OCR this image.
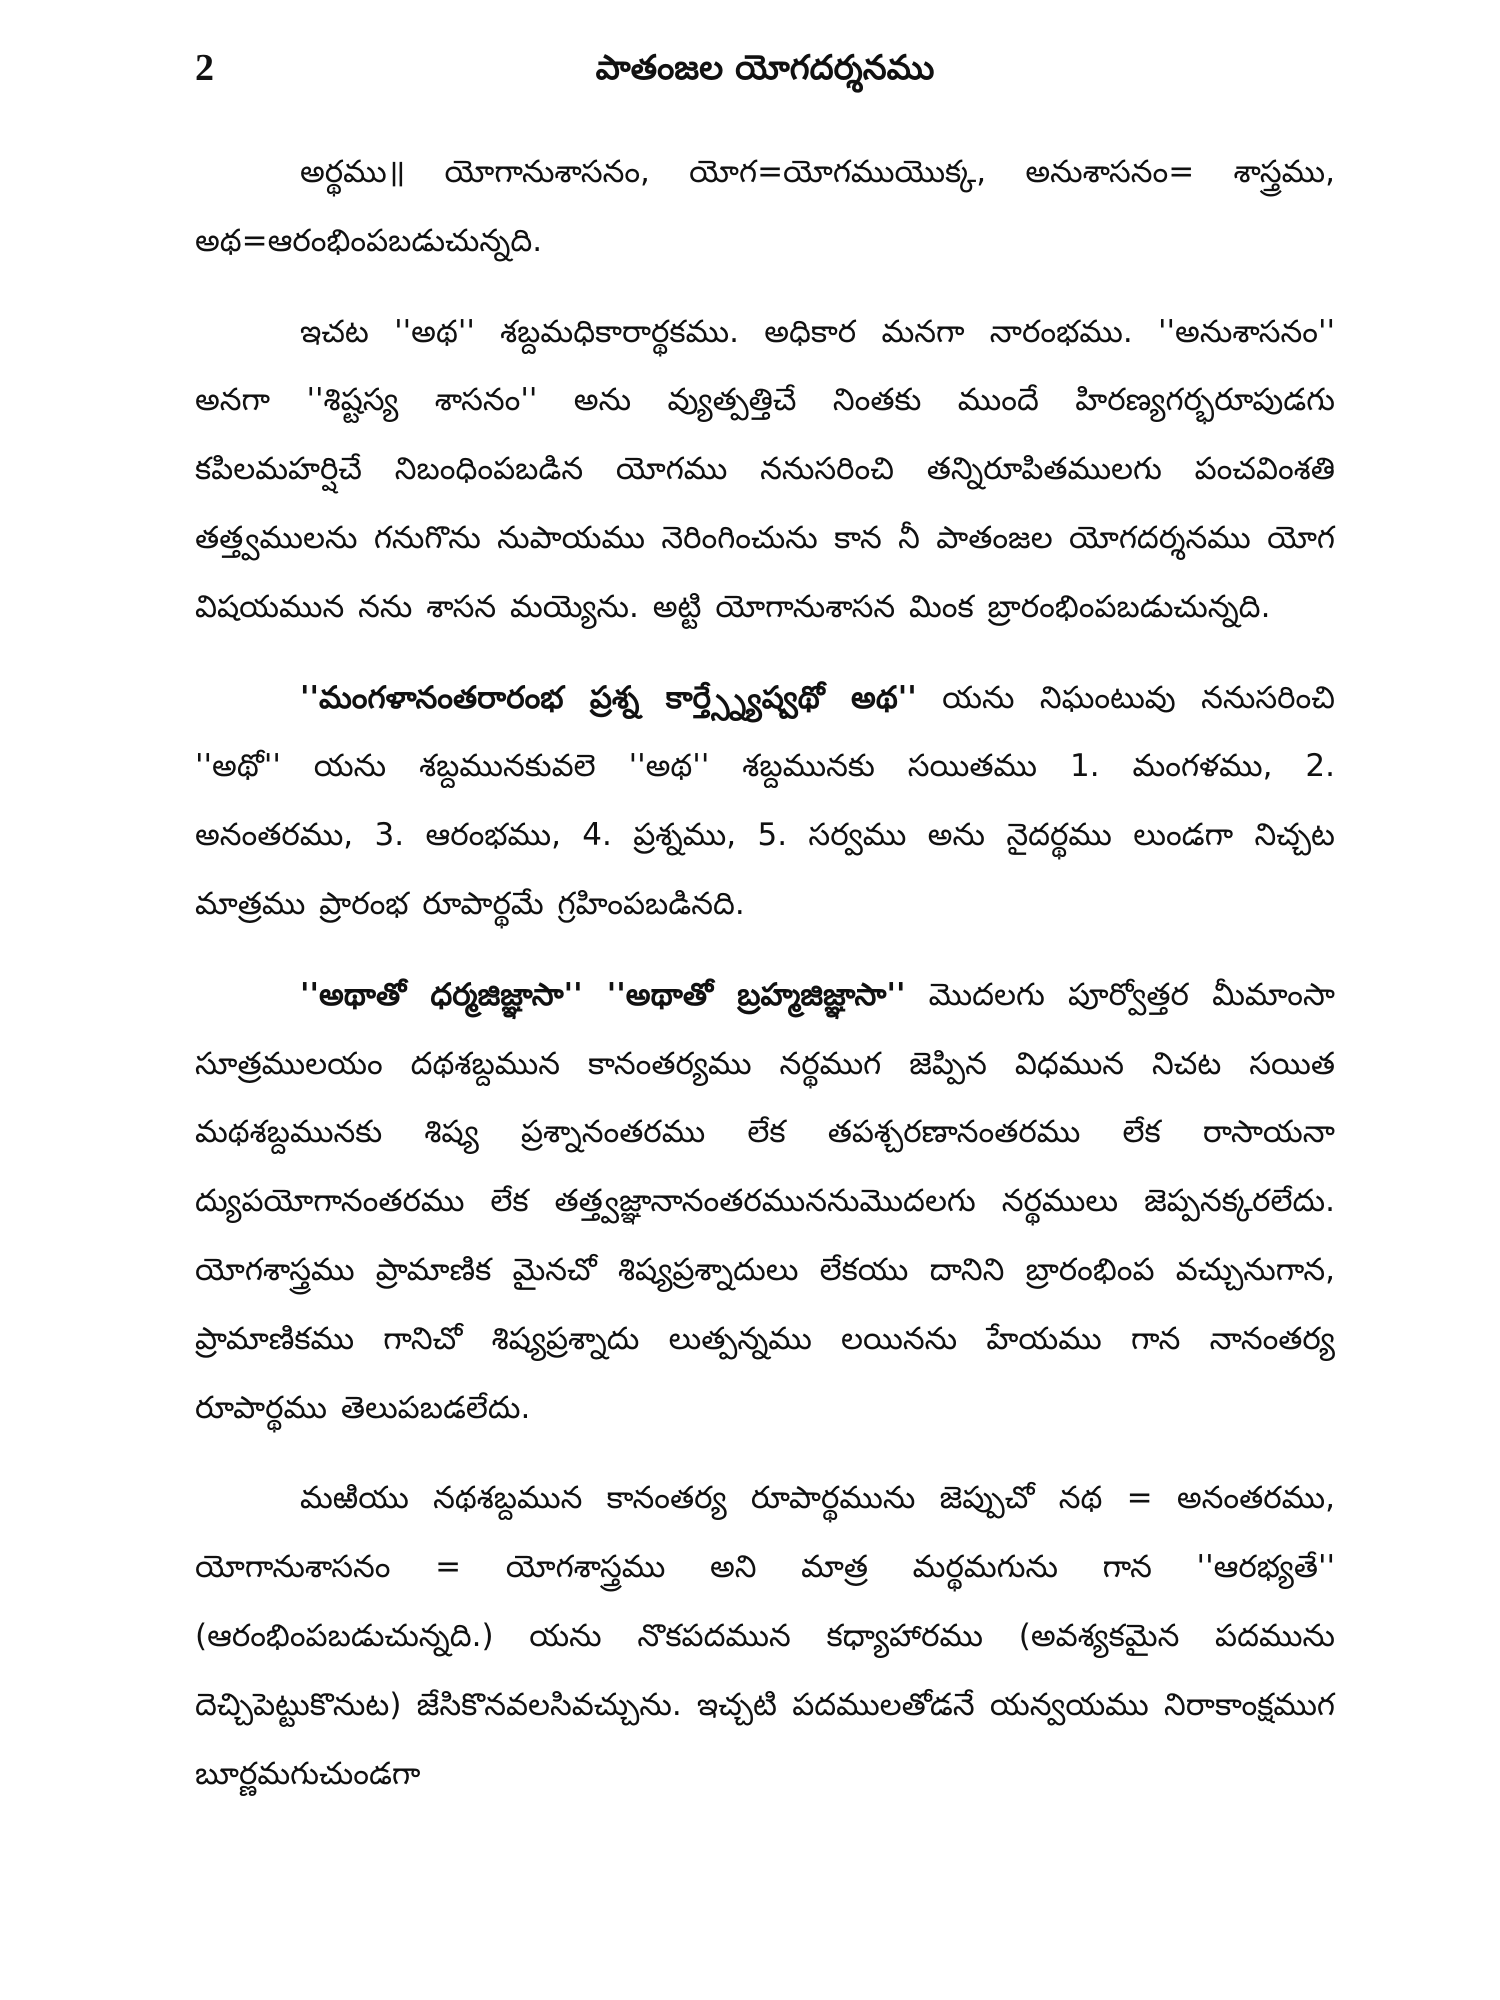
2	పాతంజల యోగదర్శనము

అర్థము॥ యోగానుశాసనం, యోగ=యోగముయొక్క, అనుశాసనం= శాస్త్రము, అథ=ఆరంభింపబడుచున్నది.

ఇచట ''అథ'' శబ్దమధికారార్థకము. అధికార మనగా నారంభము. ''అనుశాసనం'' అనగా ''శిష్టస్య శాసనం'' అను వ్యుత్పత్తిచే నింతకు ముందే హిరణ్యగర్భరూపుడగు కపిలమహర్షిచే నిబంధింపబడిన యోగము ననుసరించి తన్నిరూపితములగు పంచవింశతి తత్త్వములను గనుగొను నుపాయము నెరింగించును కాన నీ పాతంజల యోగదర్శనము యోగ విషయమున నను శాసన మయ్యెను. అట్టి యోగానుశాసన మింక బ్రారంభింపబడుచున్నది.

''మంగళానంతరారంభ ప్రశ్న కార్త్స్న్యేష్వథో అథ'' యను నిఘంటువు ననుసరించి ''అథో'' యను శబ్దమునకువలె ''అథ'' శబ్దమునకు సయితము 1. మంగళము, 2. అనంతరము, 3. ఆరంభము, 4. ప్రశ్నము, 5. సర్వము అను నైదర్థము లుండగా నిచ్చట మాత్రము ప్రారంభ రూపార్థమే గ్రహింపబడినది.

''అథాతో ధర్మజిజ్ఞాసా'' ''అథాతో బ్రహ్మజిజ్ఞాసా'' మొదలగు పూర్వోత్తర మీమాంసా సూత్రములయం దథశబ్దమున కానంతర్యము నర్థముగ జెప్పిన విధమున నిచట సయిత మథశబ్దమునకు శిష్య ప్రశ్నానంతరము లేక తపశ్చరణానంతరము లేక రాసాయనా ద్యుపయోగానంతరము లేక తత్త్వజ్ఞానానంతరముననుమొదలగు నర్థములు జెప్పనక్కరలేదు. యోగశాస్త్రము ప్రామాణిక మైనచో శిష్యప్రశ్నాదులు లేకయు దానిని బ్రారంభింప వచ్చునుగాన, ప్రామాణికము గానిచో శిష్యప్రశ్నాదు లుత్పన్నము లయినను హేయము గాన నానంతర్య రూపార్థము తెలుపబడలేదు.

మఱియు నథశబ్దమున కానంతర్య రూపార్థమును జెప్పుచో నథ = అనంతరము, యోగానుశాసనం = యోగశాస్త్రము అని మాత్ర మర్థమగును గాన ''ఆరభ్యతే'' (ఆరంభింపబడుచున్నది.) యను నొకపదమున కధ్యాహారము (అవశ్యకమైన పదమును దెచ్చిపెట్టుకొనుట) జేసికొనవలసివచ్చును. ఇచ్చటి పదములతోడనే యన్వయము నిరాకాంక్షముగ బూర్ణమగుచుండగా
